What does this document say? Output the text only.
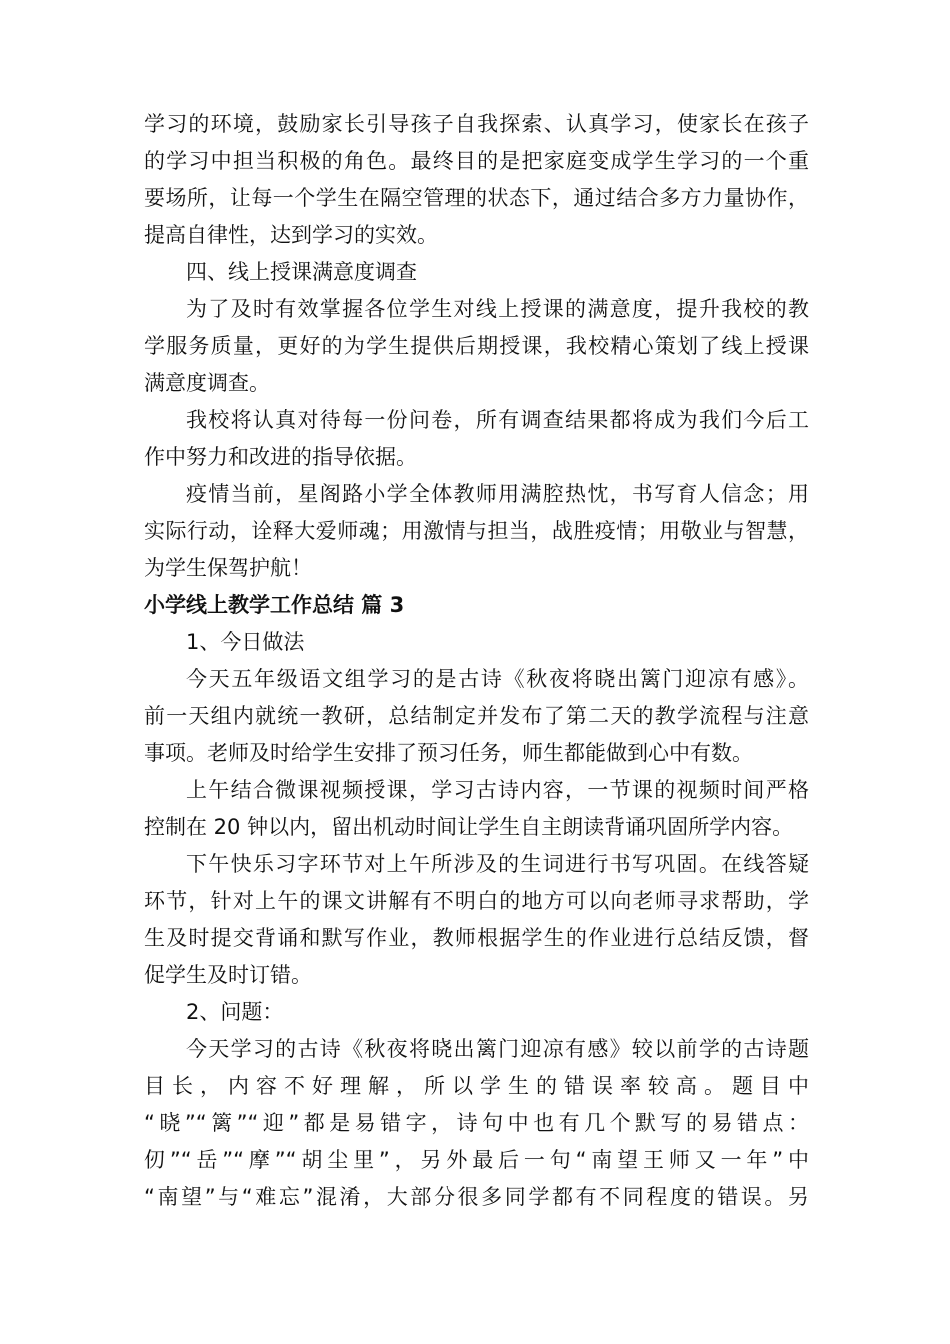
学习的环境，鼓励家长引导孩子自我探索、认真学习，使家长在孩子
的学习中担当积极的角色。最终目的是把家庭变成学生学习的一个重
要场所，让每一个学生在隔空管理的状态下，通过结合多方力量协作，
提高自律性，达到学习的实效。
四、线上授课满意度调查
为了及时有效掌握各位学生对线上授课的满意度，提升我校的教
学服务质量，更好的为学生提供后期授课，我校精心策划了线上授课
满意度调查。
我校将认真对待每一份问卷，所有调查结果都将成为我们今后工
作中努力和改进的指导依据。
疫情当前，星阁路小学全体教师用满腔热忱，书写育人信念；用
实际行动，诠释大爱师魂；用激情与担当，战胜疫情；用敬业与智慧，
为学生保驾护航！
小学线上教学工作总结 篇 3
1、今日做法
今天五年级语文组学习的是古诗《秋夜将晓出篱门迎凉有感》。
前一天组内就统一教研，总结制定并发布了第二天的教学流程与注意
事项。老师及时给学生安排了预习任务，师生都能做到心中有数。
上午结合微课视频授课，学习古诗内容，一节课的视频时间严格
控制在 20 钟以内，留出机动时间让学生自主朗读背诵巩固所学内容。
下午快乐习字环节对上午所涉及的生词进行书写巩固。在线答疑
环节，针对上午的课文讲解有不明白的地方可以向老师寻求帮助，学
生及时提交背诵和默写作业，教师根据学生的作业进行总结反馈，督
促学生及时订错。
2、问题：
今天学习的古诗《秋夜将晓出篱门迎凉有感》较以前学的古诗题
目长，内容不好理解，所以学生的错误率较高。题目中
“晓”“篱”“迎”都是易错字，诗句中也有几个默写的易错点：
仞”“岳”“摩”“胡尘里”，另外最后一句“南望王师又一年”中
“南望”与“难忘”混淆，大部分很多同学都有不同程度的错误。另
